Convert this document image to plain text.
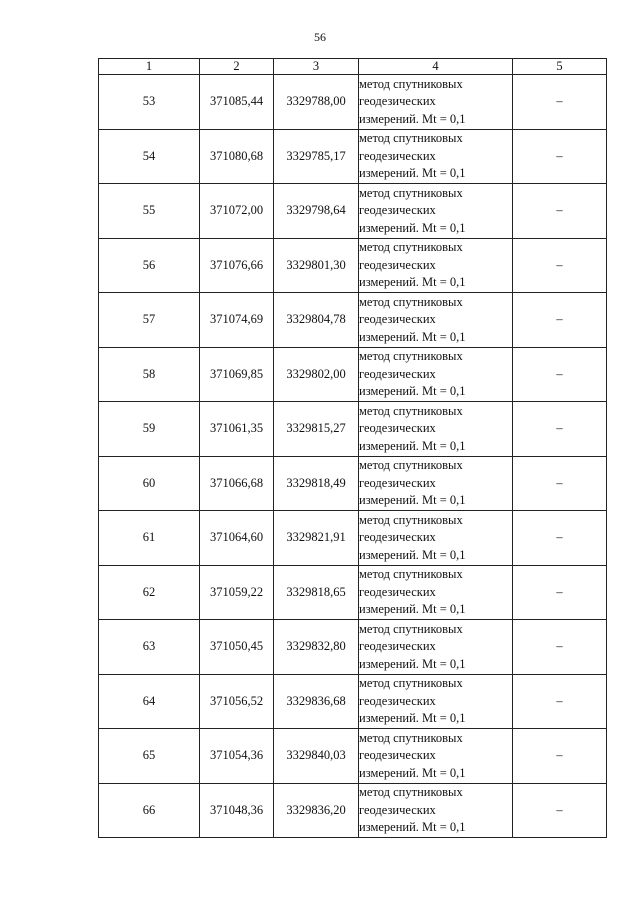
56
1	2	3	4	5
53	371085,44	3329788,00	метод спутниковых
геодезических
измерений. Mt = 0,1	–
54	371080,68	3329785,17	метод спутниковых
геодезических
измерений. Mt = 0,1	–
55	371072,00	3329798,64	метод спутниковых
геодезических
измерений. Mt = 0,1	–
56	371076,66	3329801,30	метод спутниковых
геодезических
измерений. Mt = 0,1	–
57	371074,69	3329804,78	метод спутниковых
геодезических
измерений. Mt = 0,1	–
58	371069,85	3329802,00	метод спутниковых
геодезических
измерений. Mt = 0,1	–
59	371061,35	3329815,27	метод спутниковых
геодезических
измерений. Mt = 0,1	–
60	371066,68	3329818,49	метод спутниковых
геодезических
измерений. Mt = 0,1	–
61	371064,60	3329821,91	метод спутниковых
геодезических
измерений. Mt = 0,1	–
62	371059,22	3329818,65	метод спутниковых
геодезических
измерений. Mt = 0,1	–
63	371050,45	3329832,80	метод спутниковых
геодезических
измерений. Mt = 0,1	–
64	371056,52	3329836,68	метод спутниковых
геодезических
измерений. Mt = 0,1	–
65	371054,36	3329840,03	метод спутниковых
геодезических
измерений. Mt = 0,1	–
66	371048,36	3329836,20	метод спутниковых
геодезических
измерений. Mt = 0,1	–
